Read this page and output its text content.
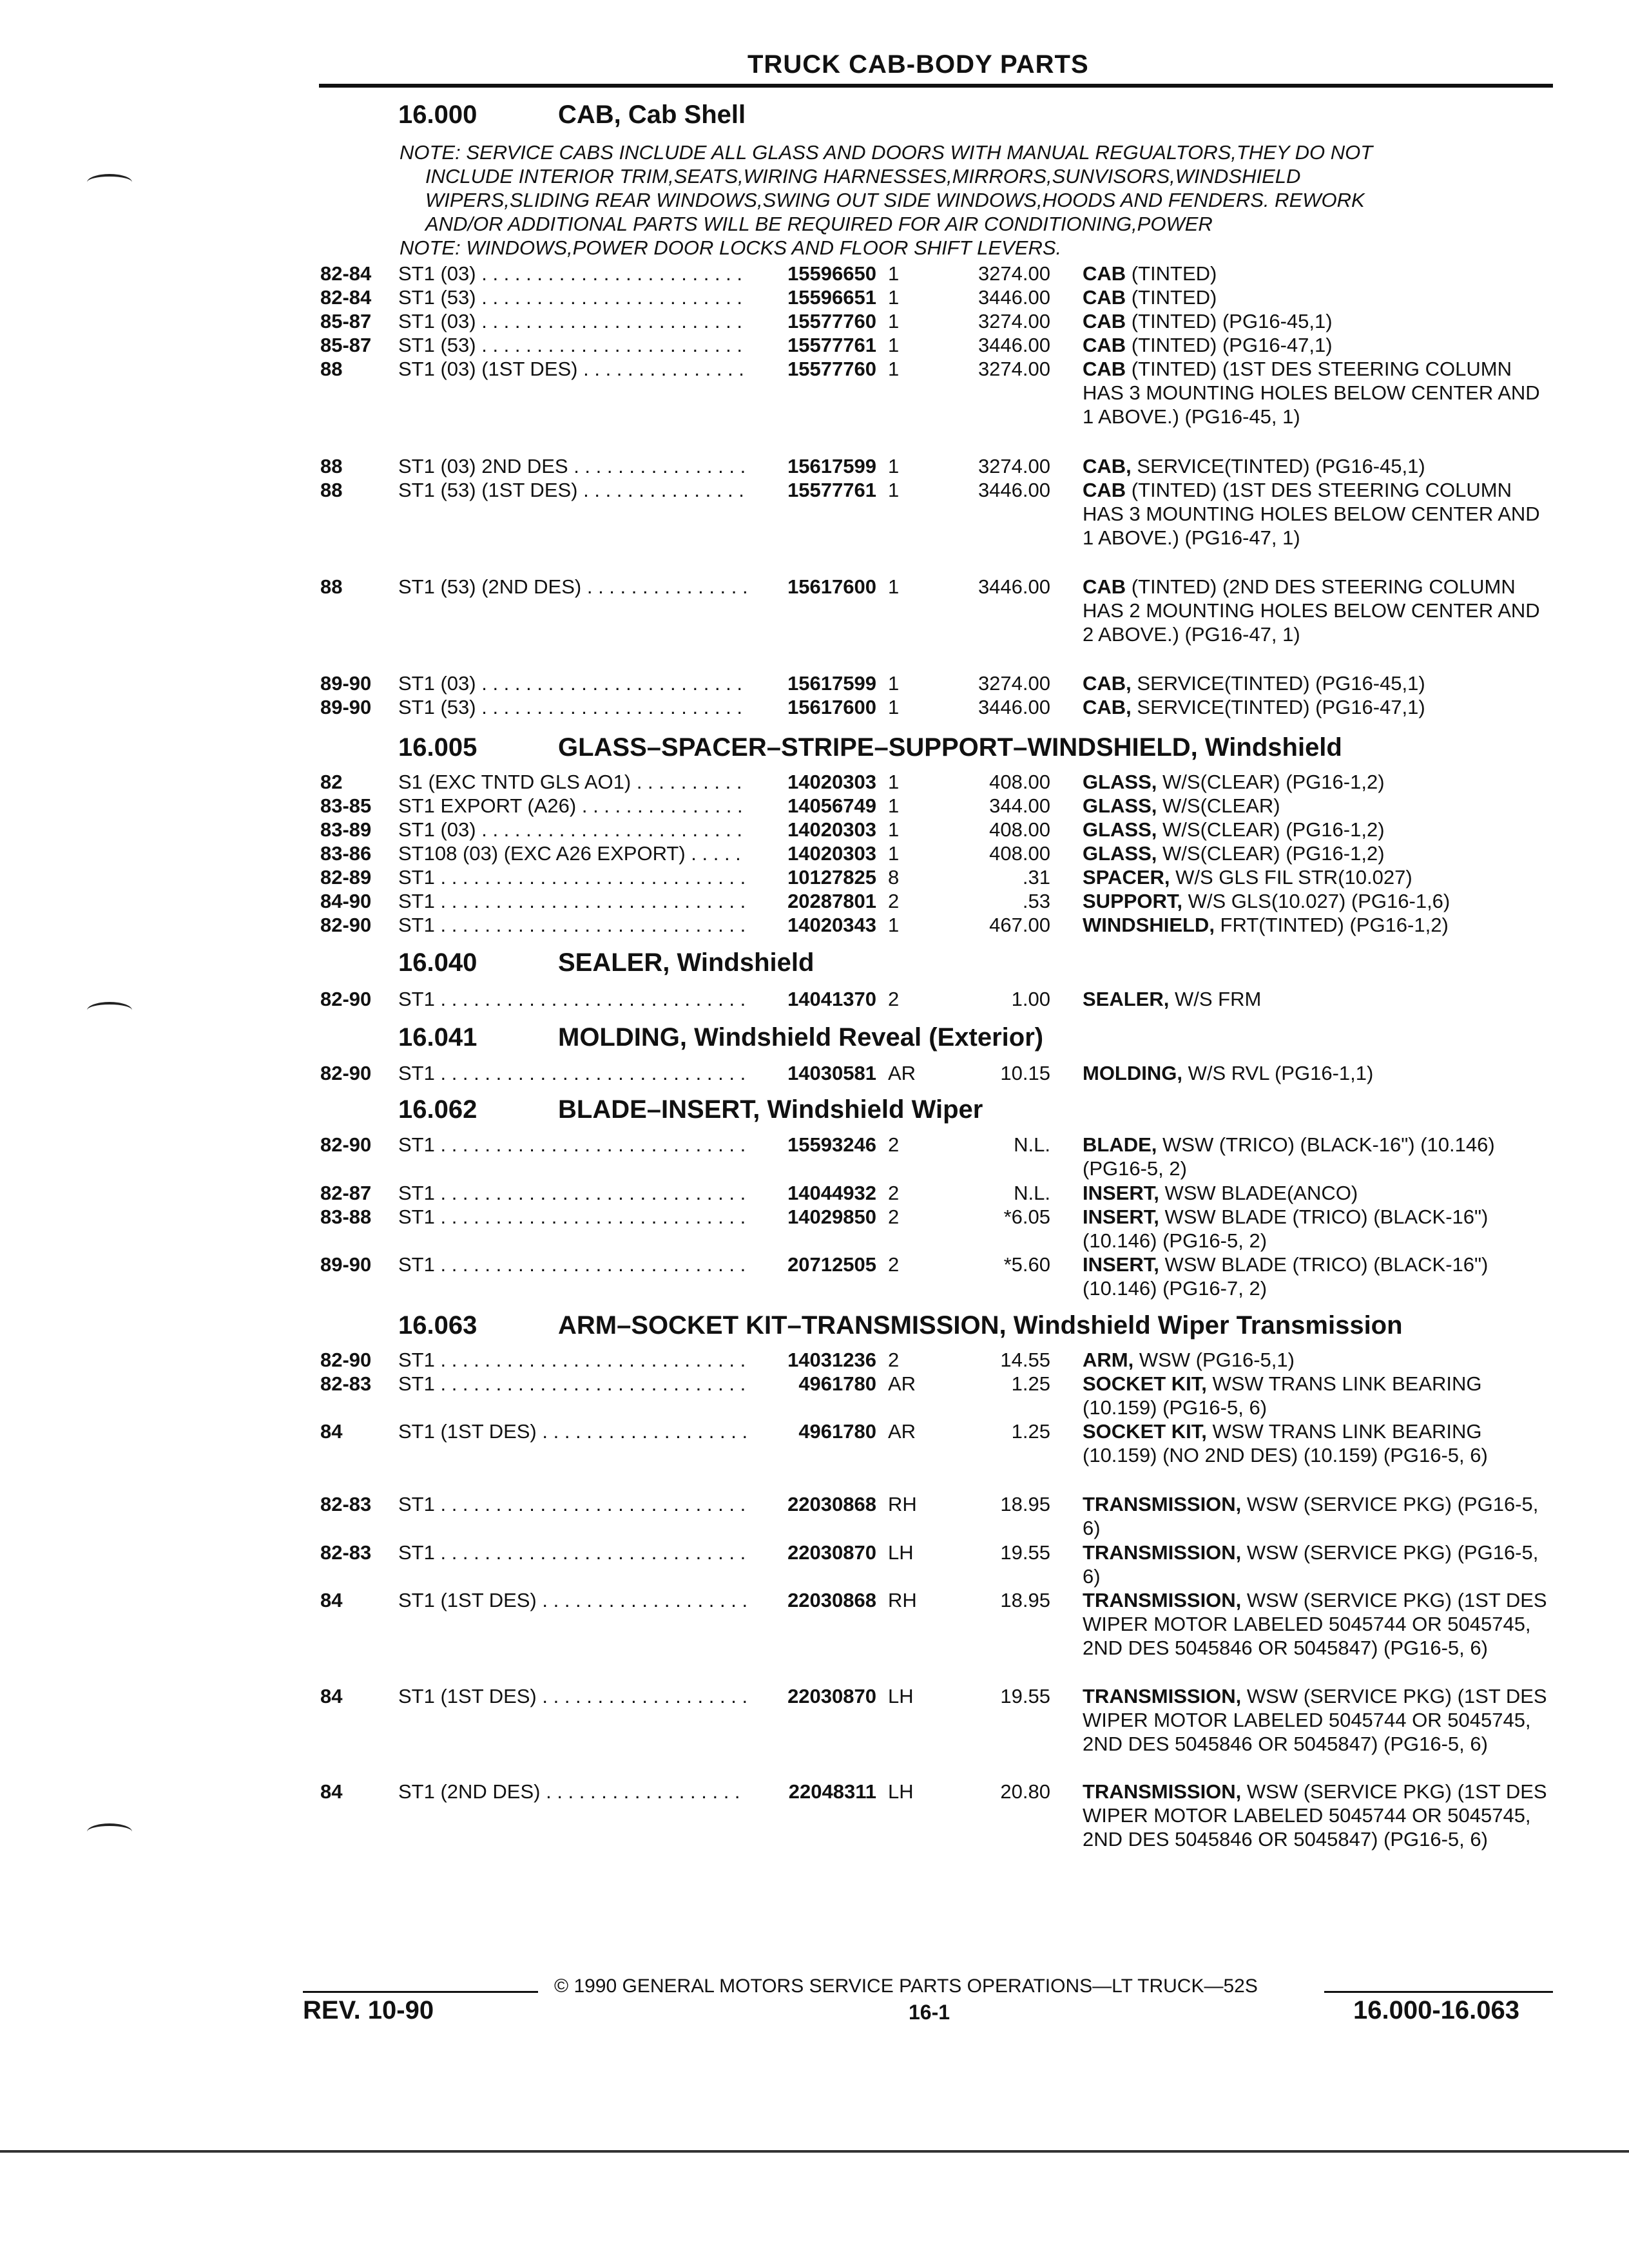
TRUCK CAB-BODY PARTS
16.000	CAB, Cab Shell

NOTE: SERVICE CABS INCLUDE ALL GLASS AND DOORS WITH MANUAL REGUALTORS,THEY DO NOT

INCLUDE INTERIOR TRIM,SEATS,WIRING HARNESSES,MIRRORS,SUNVISORS,WINDSHIELD

WIPERS,SLIDING REAR WINDOWS,SWING OUT SIDE WINDOWS,HOODS AND FENDERS. REWORK

AND/OR ADDITIONAL PARTS WILL BE REQUIRED FOR AIR CONDITIONING,POWER

NOTE: WINDOWS,POWER DOOR LOCKS AND FLOOR SHIFT LEVERS.

82-84 ST1 (03) . . .	15596650 1	3274.00 CAB (TINTED)
82-84 ST1 (53) . . .	15596651 1	3446.00 CAB (TINTED)
85-87 ST1 (03) . . .	15577760 1	3274.00 CAB (TINTED) (PG16-45,1)
85-87 ST1 (53) . . .	15577761 1	3446.00 CAB (TINTED) (PG16-47,1)
88	ST1 (03) (1ST DES) . . .	15577760 1	3274.00 CAB (TINTED) (1ST DES STEERING COLUMN HAS 3 MOUNTING HOLES BELOW CENTER AND 1 ABOVE.) (PG16-45, 1)
88	ST1 (03) 2ND DES . . .	15617599 1	3274.00 CAB, SERVICE(TINTED) (PG16-45,1)
88	ST1 (53) (1ST DES) . . .	15577761 1	3446.00 CAB (TINTED) (1ST DES STEERING COLUMN HAS 3 MOUNTING HOLES BELOW CENTER AND 1 ABOVE.) (PG16-47, 1)
88	ST1 (53) (2ND DES) . . .	15617600 1	3446.00 CAB (TINTED) (2ND DES STEERING COLUMN HAS 2 MOUNTING HOLES BELOW CENTER AND 2 ABOVE.) (PG16-47, 1)
89-90 ST1 (03) . . .	15617599 1	3274.00 CAB, SERVICE(TINTED) (PG16-45,1)
89-90 ST1 (53) . . .	15617600 1	3446.00 CAB, SERVICE(TINTED) (PG16-47,1)
82	S1 (EXC TNTD GLS AO1) . . .	14020303 1	408.00 GLASS, W/S(CLEAR) (PG16-1,2)
83-85 ST1 EXPORT (A26) . . .	14056749 1	344.00 GLASS, W/S(CLEAR)
83-89 ST1 (03) . . .	14020303 1	408.00 GLASS, W/S(CLEAR) (PG16-1,2)
83-86 ST108 (03) (EXC A26 EXPORT) . . .	14020303 1	408.00 GLASS, W/S(CLEAR) (PG16-1,2)
82-89 ST1 . . .	10127825 8	.31 SPACER, W/S GLS FIL STR(10.027)
84-90 ST1 . . .	20287801 2	.53 SUPPORT, W/S GLS(10.027) (PG16-1,6)
82-90 ST1 . . .	14020343 1	467.00 WINDSHIELD, FRT(TINTED) (PG16-1,2)
82-90 ST1 . . .	14041370 2	1.00 SEALER, W/S FRM
82-90 ST1 . . .	14030581 AR	10.15 MOLDING, W/S RVL (PG16-1,1)
82-90 ST1 . . .	15593246 2	N.L. BLADE, WSW (TRICO) (BLACK-16") (10.146) (PG16-5, 2)
82-87 ST1 . . .	14044932 2	N.L. INSERT, WSW BLADE(ANCO)
83-88 ST1 . . .	14029850 2	*6.05 INSERT, WSW BLADE (TRICO) (BLACK-16") (10.146) (PG16-5, 2)
89-90 ST1 . . .	20712505 2	*5.60 INSERT, WSW BLADE (TRICO) (BLACK-16") (10.146) (PG16-7, 2)
82-90 ST1 . . .	14031236 2	14.55 ARM, WSW (PG16-5,1)
82-83 ST1 . . .	4961780 AR	1.25 SOCKET KIT, WSW TRANS LINK BEARING (10.159) (PG16-5, 6)
84	ST1 (1ST DES) . . .	4961780 AR	1.25 SOCKET KIT, WSW TRANS LINK BEARING (10.159) (NO 2ND DES) (10.159) (PG16-5, 6)
82-83 ST1 . . .	22030868 RH	18.95 TRANSMISSION, WSW (SERVICE PKG) (PG16-5, 6)
82-83 ST1 . . .	22030870 LH	19.55 TRANSMISSION, WSW (SERVICE PKG) (PG16-5, 6)
84	ST1 (1ST DES) . . .	22030868 RH	18.95 TRANSMISSION, WSW (SERVICE PKG) (1ST DES WIPER MOTOR LABELED 5045744 OR 5045745, 2ND DES 5045846 OR 5045847) (PG16-5, 6)
84	ST1 (1ST DES) . . .	22030870 LH	19.55 TRANSMISSION, WSW (SERVICE PKG) (1ST DES WIPER MOTOR LABELED 5045744 OR 5045745, 2ND DES 5045846 OR 5045847) (PG16-5, 6)
84	ST1 (2ND DES) . . .	22048311 LH	20.80 TRANSMISSION, WSW (SERVICE PKG) (1ST DES WIPER MOTOR LABELED 5045744 OR 5045745, 2ND DES 5045846 OR 5045847) (PG16-5, 6)
16.005	GLASS–SPACER–STRIPE–SUPPORT–WINDSHIELD, Windshield
16.040	SEALER, Windshield
16.041	MOLDING, Windshield Reveal (Exterior)
16.062	BLADE–INSERT, Windshield Wiper
16.063	ARM–SOCKET KIT–TRANSMISSION, Windshield Wiper Transmission
© 1990 GENERAL MOTORS SERVICE PARTS OPERATIONS—LT TRUCK—52S
REV. 10-90	16-1	16.000-16.063
